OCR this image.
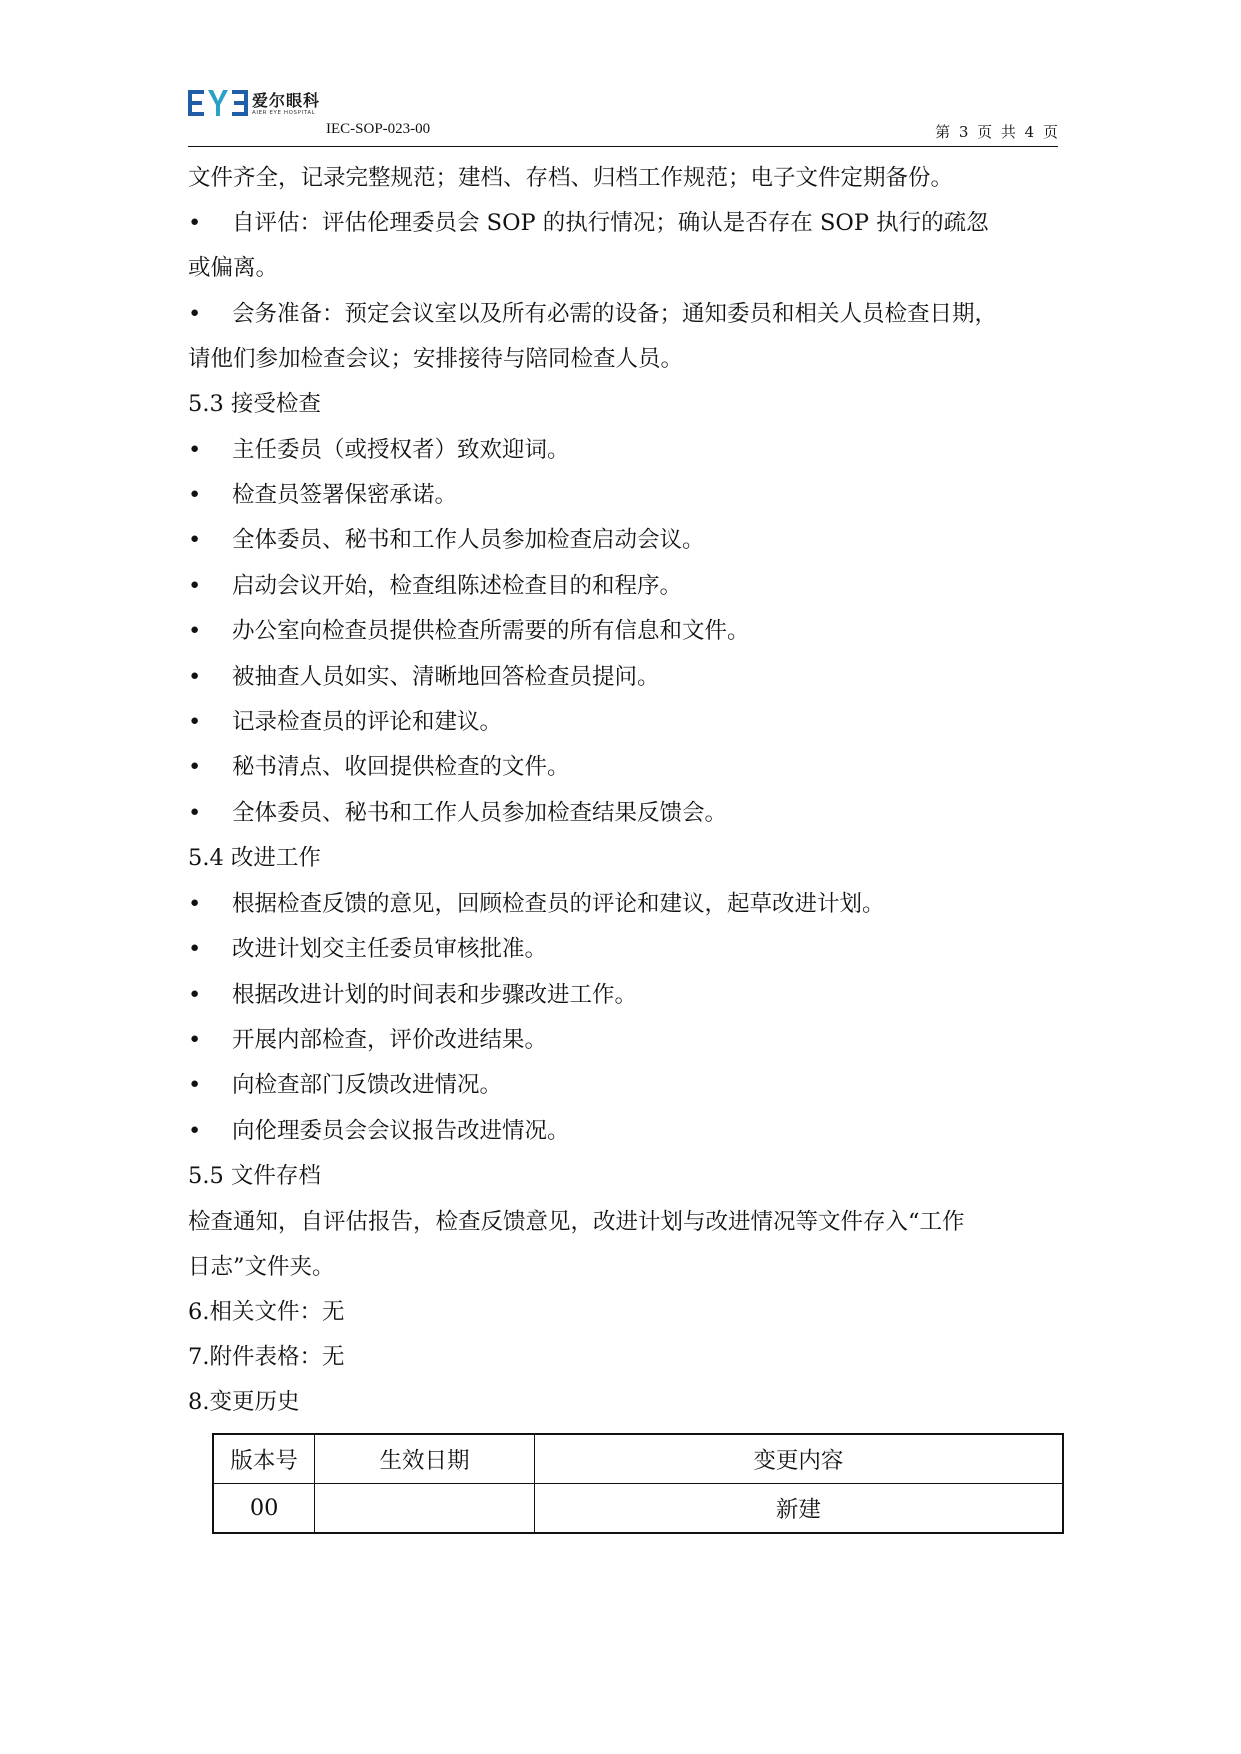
爱尔眼科
AIER EYE HOSPITAL
IEC-SOP-023-00	第 3 页 共 4 页
文件齐全，记录完整规范；建档、存档、归档工作规范；电子文件定期备份。
• 自评估：评估伦理委员会 SOP 的执行情况；确认是否存在 SOP 执行的疏忽
或偏离。
• 会务准备：预定会议室以及所有必需的设备；通知委员和相关人员检查日期，
请他们参加检查会议；安排接待与陪同检查人员。
5.3 接受检查
• 主任委员（或授权者）致欢迎词。
• 检查员签署保密承诺。
• 全体委员、秘书和工作人员参加检查启动会议。
• 启动会议开始，检查组陈述检查目的和程序。
• 办公室向检查员提供检查所需要的所有信息和文件。
• 被抽查人员如实、清晰地回答检查员提问。
• 记录检查员的评论和建议。
• 秘书清点、收回提供检查的文件。
• 全体委员、秘书和工作人员参加检查结果反馈会。
5.4 改进工作
• 根据检查反馈的意见，回顾检查员的评论和建议，起草改进计划。
• 改进计划交主任委员审核批准。
• 根据改进计划的时间表和步骤改进工作。
• 开展内部检查，评价改进结果。
• 向检查部门反馈改进情况。
• 向伦理委员会会议报告改进情况。
5.5 文件存档
检查通知，自评估报告，检查反馈意见，改进计划与改进情况等文件存入“工作
日志”文件夹。
6.相关文件：无
7.附件表格：无
8.变更历史
版本号	生效日期	变更内容
00		新建
